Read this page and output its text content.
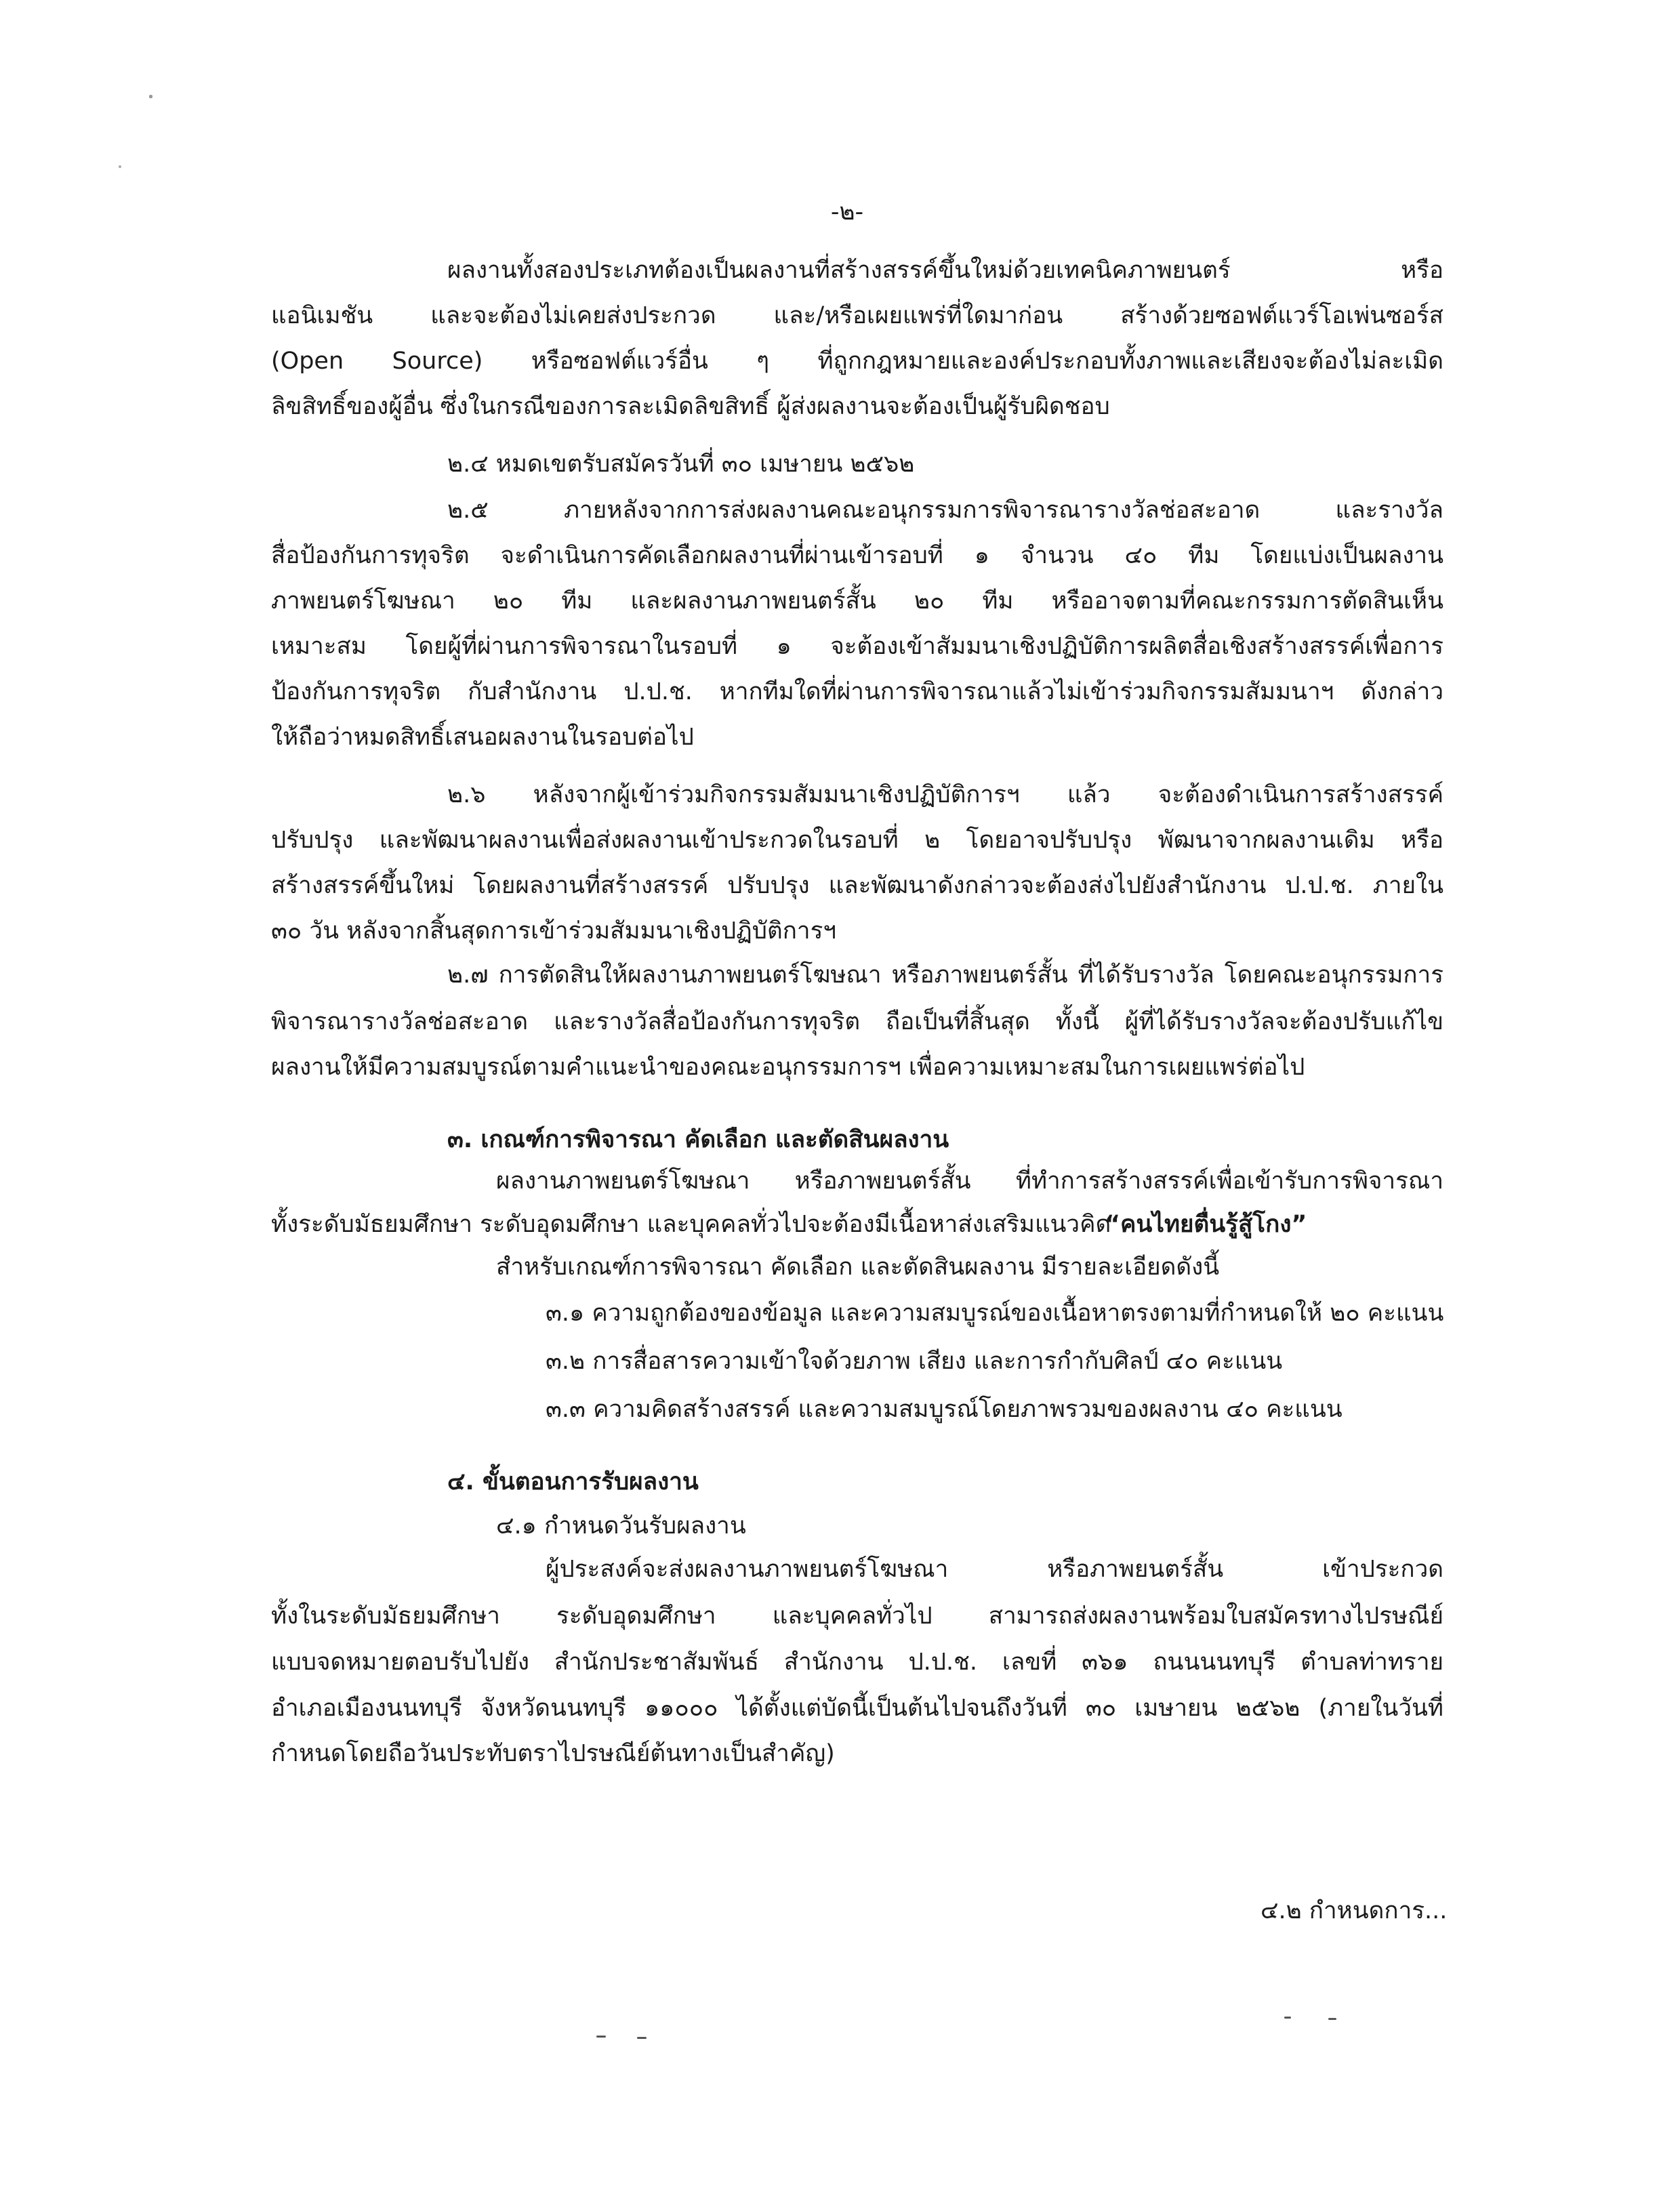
-๒-
ผลงานทั้งสองประเภทต้องเป็นผลงานที่สร้างสรรค์ขึ้นใหม่ด้วยเทคนิคภาพยนตร์ หรือ
แอนิเมชัน และจะต้องไม่เคยส่งประกวด และ/หรือเผยแพร่ที่ใดมาก่อน สร้างด้วยซอฟต์แวร์โอเพ่นซอร์ส
(Open Source) หรือซอฟต์แวร์อื่น ๆ ที่ถูกกฎหมายและองค์ประกอบทั้งภาพและเสียงจะต้องไม่ละเมิด
ลิขสิทธิ์ของผู้อื่น ซึ่งในกรณีของการละเมิดลิขสิทธิ์ ผู้ส่งผลงานจะต้องเป็นผู้รับผิดชอบ
๒.๔ หมดเขตรับสมัครวันที่ ๓๐ เมษายน ๒๕๖๒
๒.๕ ภายหลังจากการส่งผลงานคณะอนุกรรมการพิจารณารางวัลช่อสะอาด และรางวัล
สื่อป้องกันการทุจริต จะดำเนินการคัดเลือกผลงานที่ผ่านเข้ารอบที่ ๑ จำนวน ๔๐ ทีม โดยแบ่งเป็นผลงาน
ภาพยนตร์โฆษณา ๒๐ ทีม และผลงานภาพยนตร์สั้น ๒๐ ทีม หรืออาจตามที่คณะกรรมการตัดสินเห็น
เหมาะสม โดยผู้ที่ผ่านการพิจารณาในรอบที่ ๑ จะต้องเข้าสัมมนาเชิงปฏิบัติการผลิตสื่อเชิงสร้างสรรค์เพื่อการ
ป้องกันการทุจริต กับสำนักงาน ป.ป.ช. หากทีมใดที่ผ่านการพิจารณาแล้วไม่เข้าร่วมกิจกรรมสัมมนาฯ ดังกล่าว
ให้ถือว่าหมดสิทธิ์เสนอผลงานในรอบต่อไป
๒.๖ หลังจากผู้เข้าร่วมกิจกรรมสัมมนาเชิงปฏิบัติการฯ แล้ว จะต้องดำเนินการสร้างสรรค์
ปรับปรุง และพัฒนาผลงานเพื่อส่งผลงานเข้าประกวดในรอบที่ ๒ โดยอาจปรับปรุง พัฒนาจากผลงานเดิม หรือ
สร้างสรรค์ขึ้นใหม่ โดยผลงานที่สร้างสรรค์ ปรับปรุง และพัฒนาดังกล่าวจะต้องส่งไปยังสำนักงาน ป.ป.ช. ภายใน
๓๐ วัน หลังจากสิ้นสุดการเข้าร่วมสัมมนาเชิงปฏิบัติการฯ
๒.๗ การตัดสินให้ผลงานภาพยนตร์โฆษณา หรือภาพยนตร์สั้น ที่ได้รับรางวัล โดยคณะอนุกรรมการ
พิจารณารางวัลช่อสะอาด และรางวัลสื่อป้องกันการทุจริต ถือเป็นที่สิ้นสุด ทั้งนี้ ผู้ที่ได้รับรางวัลจะต้องปรับแก้ไข
ผลงานให้มีความสมบูรณ์ตามคำแนะนำของคณะอนุกรรมการฯ เพื่อความเหมาะสมในการเผยแพร่ต่อไป
๓. เกณฑ์การพิจารณา คัดเลือก และตัดสินผลงาน
ผลงานภาพยนตร์โฆษณา หรือภาพยนตร์สั้น ที่ทำการสร้างสรรค์เพื่อเข้ารับการพิจารณา
ทั้งระดับมัธยมศึกษา ระดับอุดมศึกษา และบุคคลทั่วไปจะต้องมีเนื้อหาส่งเสริมแนวคิด
“คนไทยตื่นรู้สู้โกง”
สำหรับเกณฑ์การพิจารณา คัดเลือก และตัดสินผลงาน มีรายละเอียดดังนี้
๓.๑ ความถูกต้องของข้อมูล และความสมบูรณ์ของเนื้อหาตรงตามที่กำหนดให้ ๒๐ คะแนน
๓.๒ การสื่อสารความเข้าใจด้วยภาพ เสียง และการกำกับศิลป์ ๔๐ คะแนน
๓.๓ ความคิดสร้างสรรค์ และความสมบูรณ์โดยภาพรวมของผลงาน ๔๐ คะแนน
๔. ขั้นตอนการรับผลงาน
๔.๑ กำหนดวันรับผลงาน
ผู้ประสงค์จะส่งผลงานภาพยนตร์โฆษณา หรือภาพยนตร์สั้น เข้าประกวด
ทั้งในระดับมัธยมศึกษา ระดับอุดมศึกษา และบุคคลทั่วไป สามารถส่งผลงานพร้อมใบสมัครทางไปรษณีย์
แบบจดหมายตอบรับไปยัง สำนักประชาสัมพันธ์ สำนักงาน ป.ป.ช. เลขที่ ๓๖๑ ถนนนนทบุรี ตำบลท่าทราย
อำเภอเมืองนนทบุรี จังหวัดนนทบุรี ๑๑๐๐๐ ได้ตั้งแต่บัดนี้เป็นต้นไปจนถึงวันที่ ๓๐ เมษายน ๒๕๖๒ (ภายในวันที่
กำหนดโดยถือวันประทับตราไปรษณีย์ต้นทางเป็นสำคัญ)
๔.๒ กำหนดการ...
